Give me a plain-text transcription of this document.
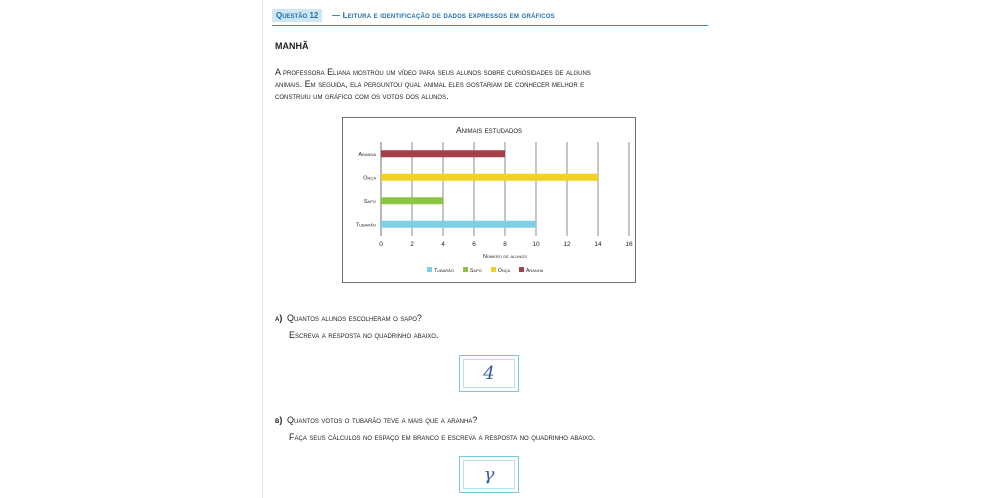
Questão 12	— Leitura e identificação de dados expressos em gráficos
MANHÃ
A professora Eliana mostrou um vídeo para seus alunos sobre curiosidades de alguns
animais. Em seguida, ela perguntou qual animal eles gostariam de conhecer melhor e
construiu um gráfico com os votos dos alunos.
Animais estudados
0	2	4	6	8	10	12	14	16
Aranha
Onça
Sapo
Tubarão
Número de alunos
Tubarão	Sapo	Onça	Aranha
a) Quantos alunos escolheram o sapo?
Escreva a resposta no quadrinho abaixo.
4
b) Quantos votos o tubarão teve a mais que a aranha?
Faça seus cálculos no espaço em branco e escreva a resposta no quadrinho abaixo.
γ
